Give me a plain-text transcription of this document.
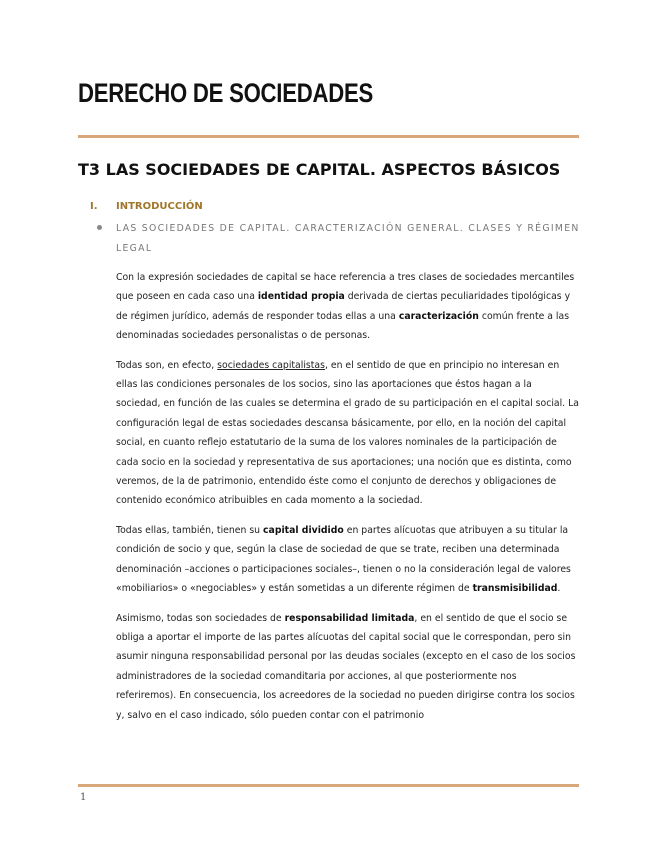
DERECHO DE SOCIEDADES
T3 LAS SOCIEDADES DE CAPITAL. ASPECTOS BÁSICOS
I. INTRODUCCIÓN
LAS SOCIEDADES DE CAPITAL. CARACTERIZACIÓN GENERAL. CLASES Y RÉGIMEN LEGAL

Con la expresión sociedades de capital se hace referencia a tres clases de sociedades mercantiles que poseen en cada caso una identidad propia derivada de ciertas peculiaridades tipológicas y de régimen jurídico, además de responder todas ellas a una caracterización común frente a las denominadas sociedades personalistas o de personas.

Todas son, en efecto, sociedades capitalistas, en el sentido de que en principio no interesan en ellas las condiciones personales de los socios, sino las aportaciones que éstos hagan a la sociedad, en función de las cuales se determina el grado de su participación en el capital social. La configuración legal de estas sociedades descansa básicamente, por ello, en la noción del capital social, en cuanto reflejo estatutario de la suma de los valores nominales de la participación de cada socio en la sociedad y representativa de sus aportaciones; una noción que es distinta, como veremos, de la de patrimonio, entendido éste como el conjunto de derechos y obligaciones de contenido económico atribuibles en cada momento a la sociedad.

Todas ellas, también, tienen su capital dividido en partes alícuotas que atribuyen a su titular la condición de socio y que, según la clase de sociedad de que se trate, reciben una determinada denominación –acciones o participaciones sociales–, tienen o no la consideración legal de valores «mobiliarios» o «negociables» y están sometidas a un diferente régimen de transmisibilidad.

Asimismo, todas son sociedades de responsabilidad limitada, en el sentido de que el socio se obliga a aportar el importe de las partes alícuotas del capital social que le correspondan, pero sin asumir ninguna responsabilidad personal por las deudas sociales (excepto en el caso de los socios administradores de la sociedad comanditaria por acciones, al que posteriormente nos referiremos). En consecuencia, los acreedores de la sociedad no pueden dirigirse contra los socios y, salvo en el caso indicado, sólo pueden contar con el patrimonio

1
